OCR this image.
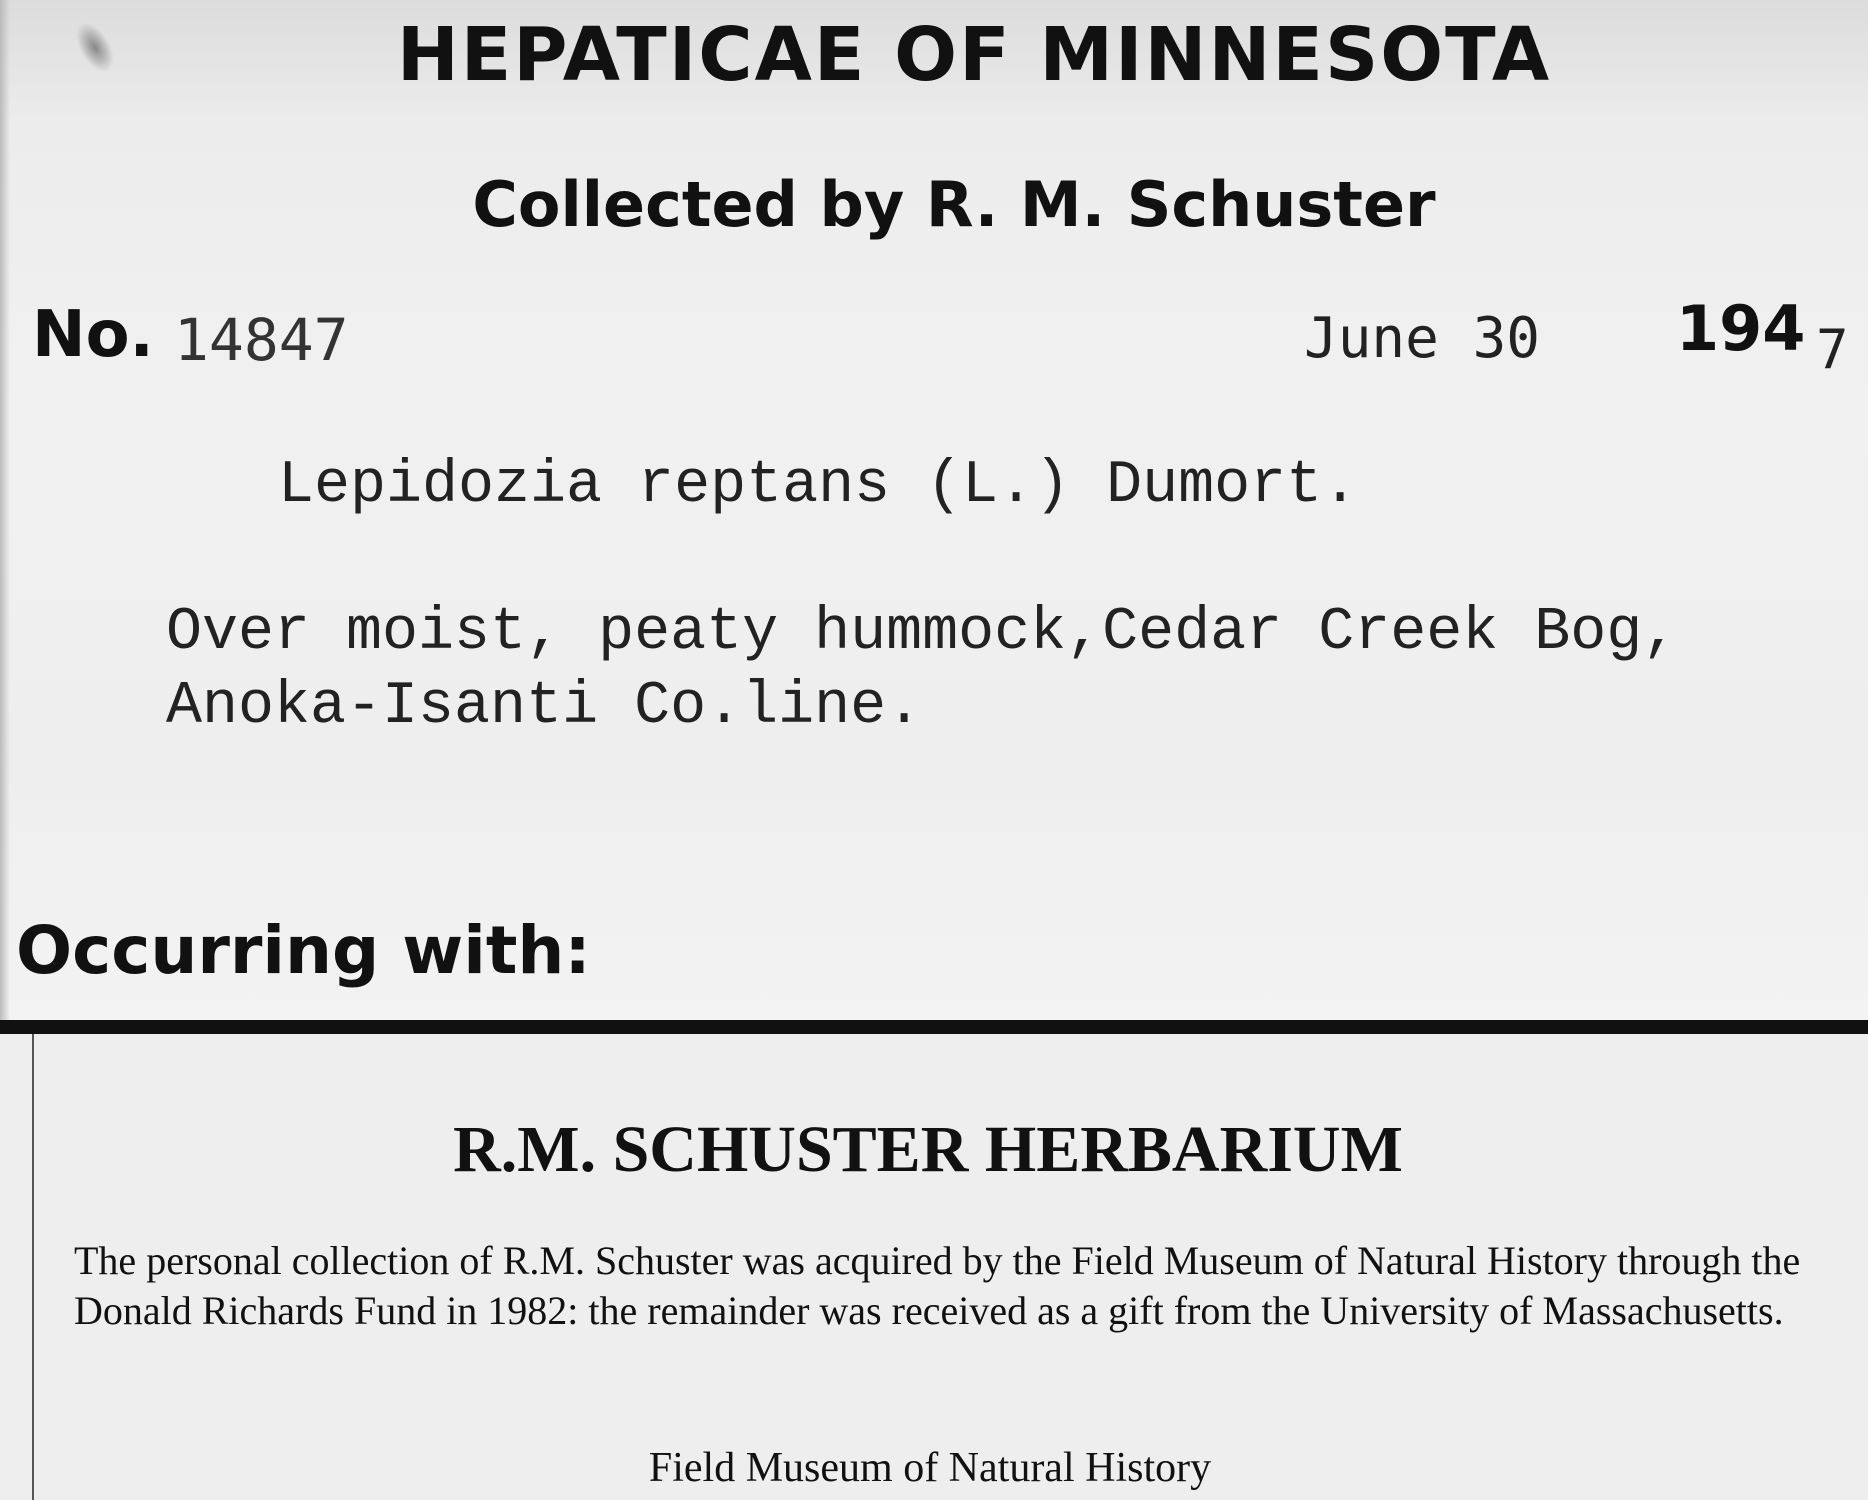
HEPATICAE OF MINNESOTA
Collected by R. M. Schuster
No. 14847	June 30 194 7
Lepidozia reptans (L.) Dumort.
Over moist, peaty hummock,Cedar Creek Bog,
Anoka-Isanti Co.line.
Occurring with:
R.M. SCHUSTER HERBARIUM

The personal collection of R.M. Schuster was acquired by the Field Museum of Natural History through the Donald Richards Fund in 1982: the remainder was received as a gift from the University of Massachusetts.

Field Museum of Natural History
